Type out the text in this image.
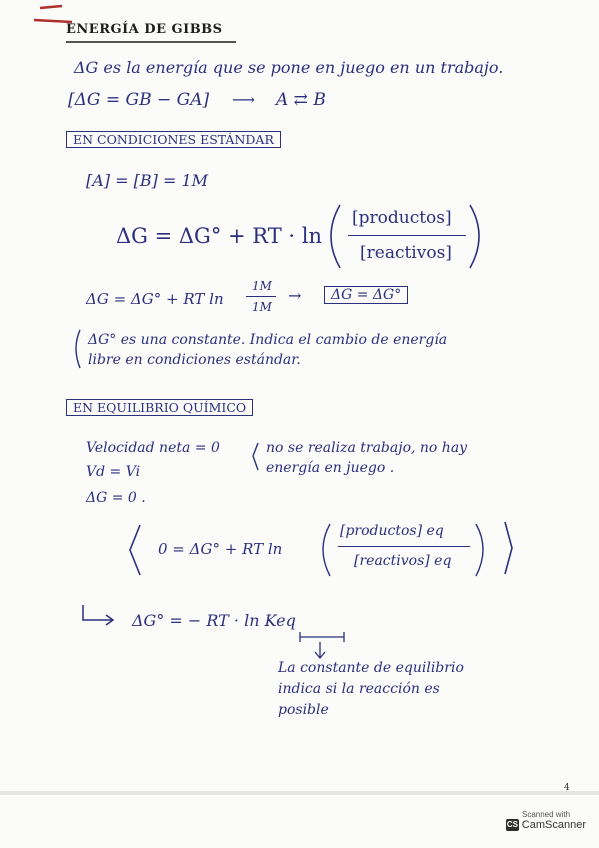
ENERGÍA DE GIBBS
ΔG es la energía que se pone en juego en un trabajo.
[ΔG = GB − GA] ⟶ A ⇄ B
EN CONDICIONES ESTÁNDAR
[A] = [B] = 1M
ΔG = ΔG° + RT · ln
[productos]
[reactivos]
ΔG = ΔG° + RT ln
1M
1M
→	ΔG = ΔG°
ΔG° es una constante. Indica el cambio de energía
libre en condiciones estándar.
EN EQUILIBRIO QUÍMICO
Velocidad neta = 0
Vd = Vi
ΔG = 0 .
no se realiza trabajo, no hay
energía en juego .
0 = ΔG° + RT ln
[productos] eq
[reactivos] eq
ΔG° = − RT · ln Keq
La constante de equilibrio
indica si la reacción es
posible
4
Scanned with
CS CamScanner
